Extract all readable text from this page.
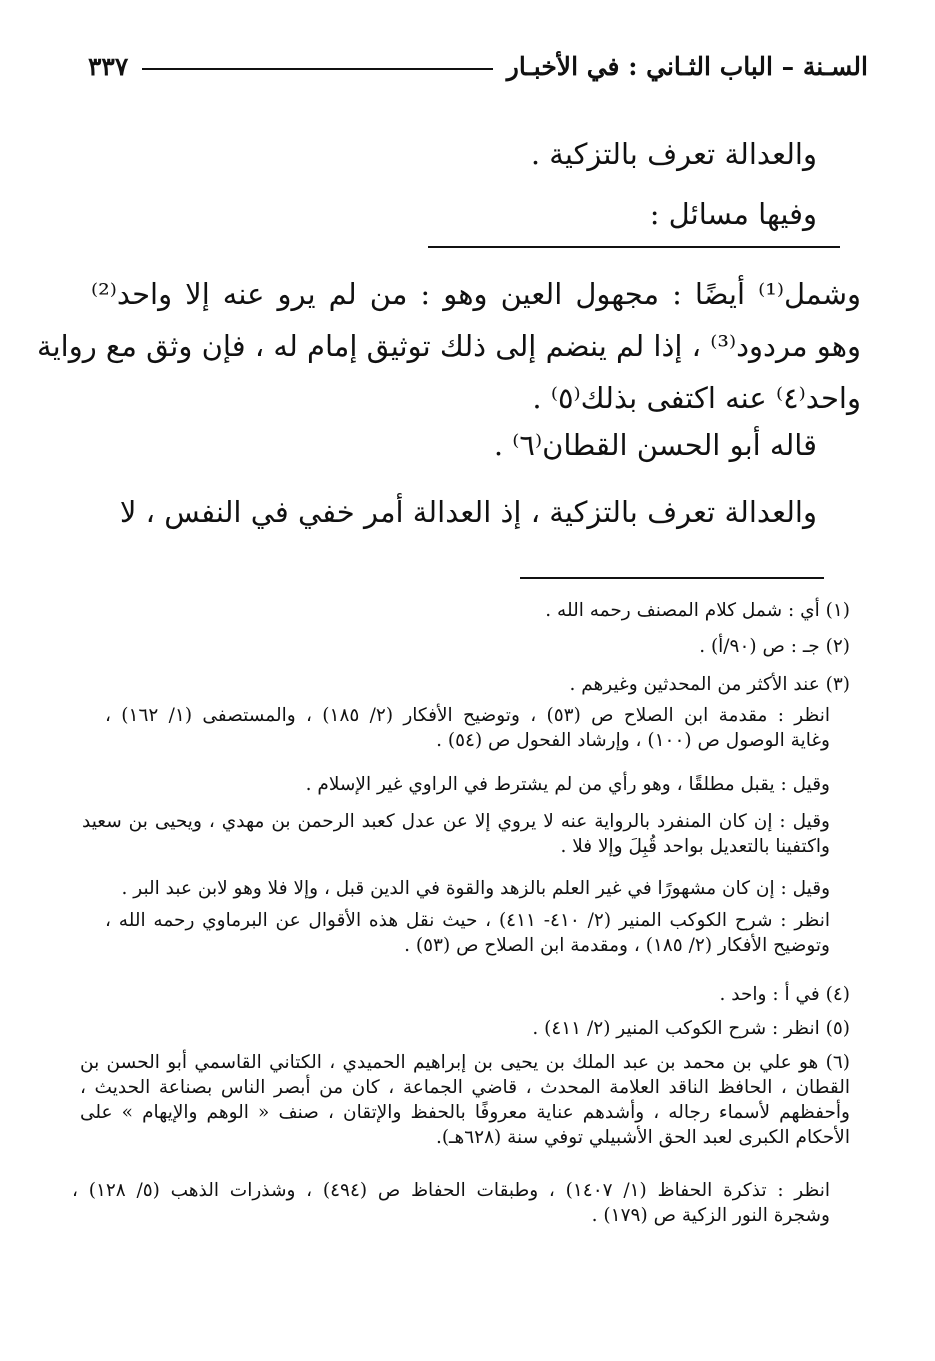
٣٣٧	السـنة – الباب الثـاني : في الأخبـار
والعدالة تعرف بالتزكية .
وفيها مسائل :
وشمل⁽¹⁾ أيضًا : مجهول العين وهو : من لم يرو عنه إلا واحد⁽²⁾
وهو مردود⁽³⁾ ، إذا لم ينضم إلى ذلك توثيق إمام له ، فإن وثق مع رواية
واحد⁽٤⁾ عنه اكتفى بذلك⁽٥⁾ .
قاله أبو الحسن القطان⁽٦⁾ .
والعدالة تعرف بالتزكية ، إذ العدالة أمر خفي في النفس ، لا
(١) أي : شمل كلام المصنف رحمه الله .
(٢) جـ : ص (٩٠/أ) .
(٣) عند الأكثر من المحدثين وغيرهم .
انظر : مقدمة ابن الصلاح ص (٥٣) ، وتوضيح الأفكار (٢/ ١٨٥) ، والمستصفى (١/ ١٦٢) ،
وغاية الوصول ص (١٠٠) ، وإرشاد الفحول ص (٥٤) .
وقيل : يقبل مطلقًا ، وهو رأي من لم يشترط في الراوي غير الإسلام .
وقيل : إن كان المنفرد بالرواية عنه لا يروي إلا عن عدل كعبد الرحمن بن مهدي ، ويحيى بن سعيد
واكتفينا بالتعديل بواحد قُبِلَ وإلا فلا .
وقيل : إن كان مشهورًا في غير العلم بالزهد والقوة في الدين قبل ، وإلا فلا وهو لابن عبد البر .
انظر : شرح الكوكب المنير (٢/ ٤١٠- ٤١١) ، حيث نقل هذه الأقوال عن البرماوي رحمه الله ،
وتوضيح الأفكار (٢/ ١٨٥) ، ومقدمة ابن الصلاح ص (٥٣) .
(٤) في أ : واحد .
(٥) انظر : شرح الكوكب المنير (٢/ ٤١١) .
(٦) هو علي بن محمد بن عبد الملك بن يحيى بن إبراهيم الحميدي ، الكتاني القاسمي أبو الحسن بن
القطان ، الحافظ الناقد العلامة المحدث ، قاضي الجماعة ، كان من أبصر الناس بصناعة الحديث ،
وأحفظهم لأسماء رجاله ، وأشدهم عناية معروفًا بالحفظ والإتقان ، صنف « الوهم والإيهام » على
الأحكام الكبرى لعبد الحق الأشبيلي توفي سنة (٦٢٨هـ).
انظر : تذكرة الحفاظ (١/ ١٤٠٧) ، وطبقات الحفاظ ص (٤٩٤) ، وشذرات الذهب (٥/ ١٢٨) ،
وشجرة النور الزكية ص (١٧٩) .
